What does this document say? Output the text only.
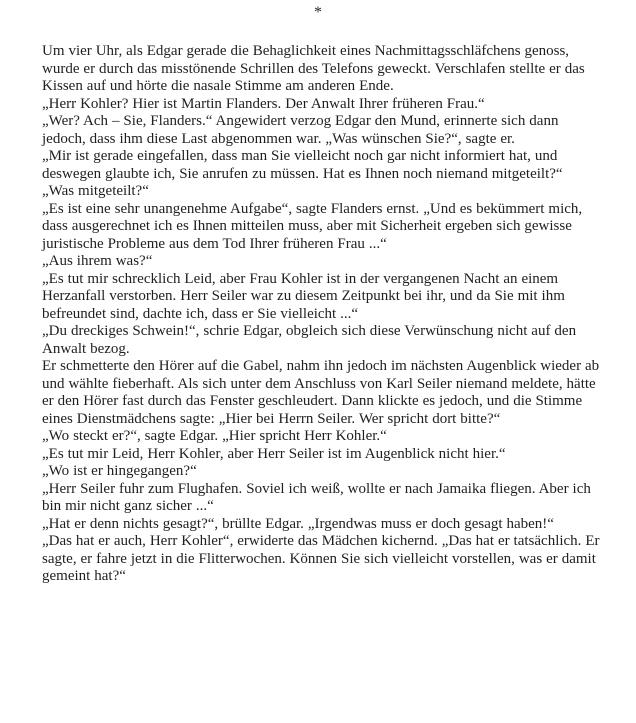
*

Um vier Uhr, als Edgar gerade die Behaglichkeit eines Nachmittagsschläfchens genoss, wurde er durch das misstönende Schrillen des Telefons geweckt. Verschlafen stellte er das Kissen auf und hörte die nasale Stimme am anderen Ende.

„Herr Kohler? Hier ist Martin Flanders. Der Anwalt Ihrer früheren Frau.“

„Wer? Ach – Sie, Flanders.“ Angewidert verzog Edgar den Mund, erinnerte sich dann jedoch, dass ihm diese Last abgenommen war. „Was wünschen Sie?“, sagte er.

„Mir ist gerade eingefallen, dass man Sie vielleicht noch gar nicht informiert hat, und deswegen glaubte ich, Sie anrufen zu müssen. Hat es Ihnen noch niemand mitgeteilt?“

„Was mitgeteilt?“

„Es ist eine sehr unangenehme Aufgabe“, sagte Flanders ernst. „Und es bekümmert mich, dass ausgerechnet ich es Ihnen mitteilen muss, aber mit Sicherheit ergeben sich gewisse juristische Probleme aus dem Tod Ihrer früheren Frau ...“

„Aus ihrem was?“

„Es tut mir schrecklich Leid, aber Frau Kohler ist in der vergangenen Nacht an einem Herzanfall verstorben. Herr Seiler war zu diesem Zeitpunkt bei ihr, und da Sie mit ihm befreundet sind, dachte ich, dass er Sie vielleicht ...“

„Du dreckiges Schwein!“, schrie Edgar, obgleich sich diese Verwünschung nicht auf den Anwalt bezog.

Er schmetterte den Hörer auf die Gabel, nahm ihn jedoch im nächsten Augenblick wieder ab und wählte fieberhaft. Als sich unter dem Anschluss von Karl Seiler niemand meldete, hätte er den Hörer fast durch das Fenster geschleudert. Dann klickte es jedoch, und die Stimme eines Dienstmädchens sagte: „Hier bei Herrn Seiler. Wer spricht dort bitte?“

„Wo steckt er?“, sagte Edgar. „Hier spricht Herr Kohler.“

„Es tut mir Leid, Herr Kohler, aber Herr Seiler ist im Augenblick nicht hier.“

„Wo ist er hingegangen?“

„Herr Seiler fuhr zum Flughafen. Soviel ich weiß, wollte er nach Jamaika fliegen. Aber ich bin mir nicht ganz sicher ...“

„Hat er denn nichts gesagt?“, brüllte Edgar. „Irgendwas muss er doch gesagt haben!“

„Das hat er auch, Herr Kohler“, erwiderte das Mädchen kichernd. „Das hat er tatsächlich. Er sagte, er fahre jetzt in die Flitterwochen. Können Sie sich vielleicht vorstellen, was er damit gemeint hat?“
